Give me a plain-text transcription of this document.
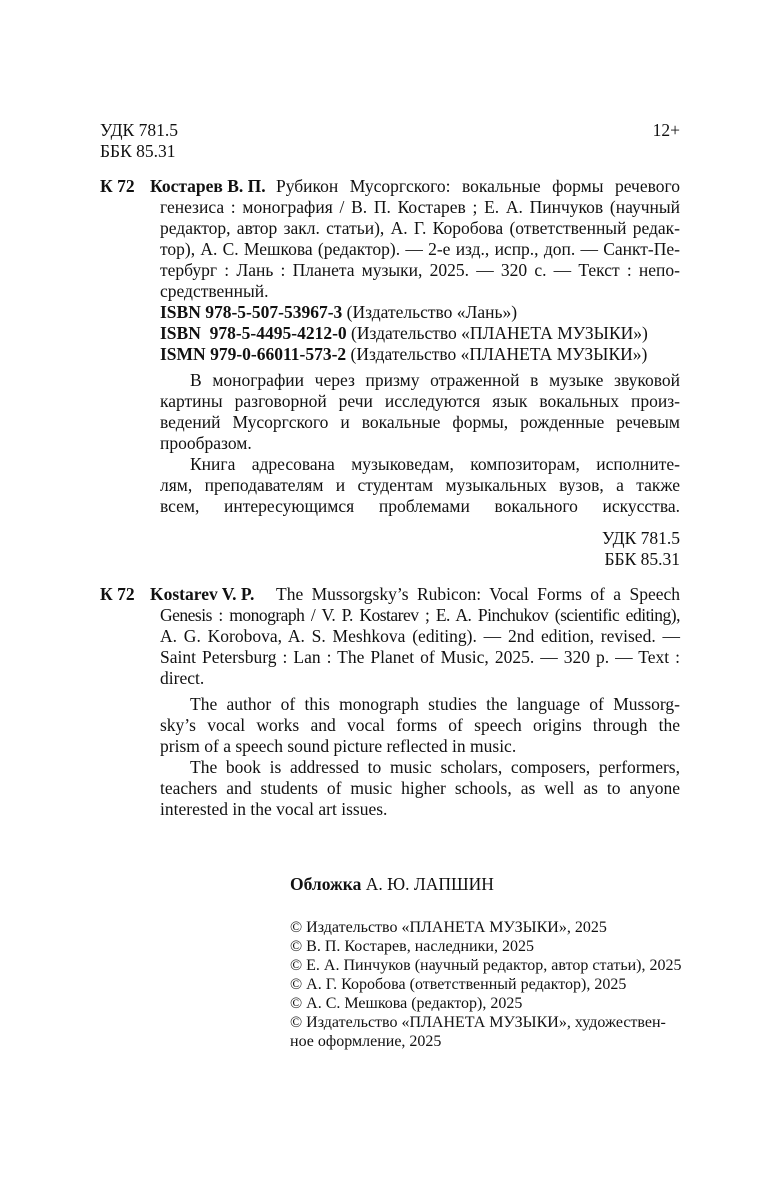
УДК 781.5
ББК 85.31
12+
К 72 Костарев В. П. Рубикон Мусоргского: вокальные формы речевого
генезиса : монография / В. П. Костарев ; Е. А. Пинчуков (научный
редактор, автор закл. статьи), А. Г. Коробова (ответственный редак-
тор), А. С. Мешкова (редактор). — 2-е изд., испр., доп. — Санкт-Пе-
тербург : Лань : Планета музыки, 2025. — 320 с. — Текст : непо-
средственный.
ISBN 978-5-507-53967-3 (Издательство «Лань»)
ISBN  978-5-4495-4212-0 (Издательство «ПЛАНЕТА МУЗЫКИ»)
ISMN 979-0-66011-573-2 (Издательство «ПЛАНЕТА МУЗЫКИ»)
В монографии через призму отраженной в музыке звуковой
картины разговорной речи исследуются язык вокальных произ-
ведений Мусоргского и вокальные формы, рожденные речевым
прообразом.
Книга адресована музыковедам, композиторам, исполните-
лям, преподавателям и студентам музыкальных вузов, а также
всем, интересующимся проблемами вокального искусства.
УДК 781.5
ББК 85.31
К 72 Kostarev V. P. The Mussorgsky’s Rubicon: Vocal Forms of a Speech
Genesis : monograph / V. P. Kostarev ; E. A. Pinchukov (scientific editing),
A. G. Korobova, A. S. Meshkova (editing). — 2nd edition, revised. —
Saint Petersburg : Lan : The Planet of Music, 2025. — 320 p. — Text :
direct.
The author of this monograph studies the language of Mussorg-
sky’s vocal works and vocal forms of speech origins through the
prism of a speech sound picture reflected in music.
The book is addressed to music scholars, composers, performers,
teachers and students of music higher schools, as well as to anyone
interested in the vocal art issues.
Обложка А. Ю. ЛАПШИН
© Издательство «ПЛАНЕТА МУЗЫКИ», 2025
© В. П. Костарев, наследники, 2025
© Е. А. Пинчуков (научный редактор, автор статьи), 2025
© А. Г. Коробова (ответственный редактор), 2025
© А. С. Мешкова (редактор), 2025
© Издательство «ПЛАНЕТА МУЗЫКИ», художествен-
ное оформление, 2025
